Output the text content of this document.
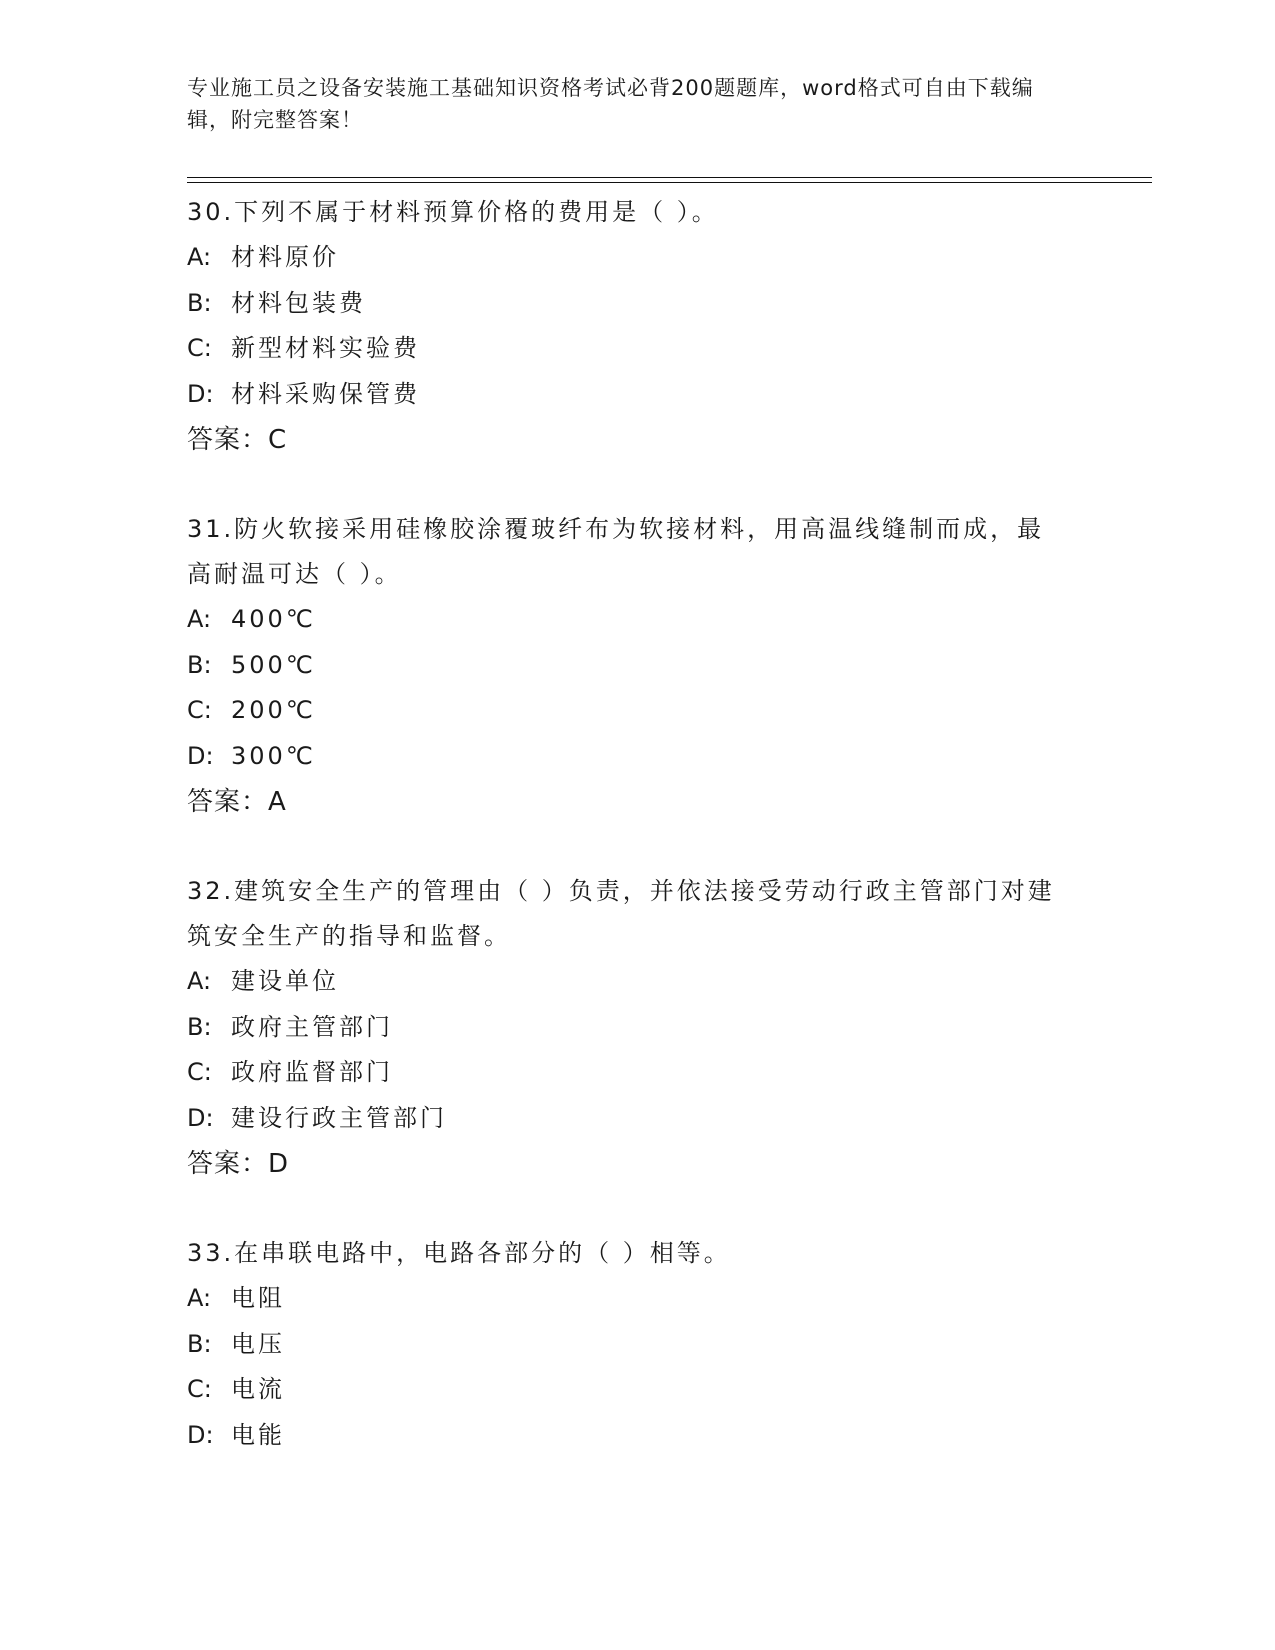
专业施工员之设备安装施工基础知识资格考试必背200题题库，word格式可自由下载编辑，附完整答案！

30.下列不属于材料预算价格的费用是（ ）。

A: 材料原价

B: 材料包装费

C: 新型材料实验费

D: 材料采购保管费

答案：C

31.防火软接采用硅橡胶涂覆玻纤布为软接材料，用高温线缝制而成，最高耐温可达（ ）。

A: 400℃

B: 500℃

C: 200℃

D: 300℃

答案：A

32.建筑安全生产的管理由（ ）负责，并依法接受劳动行政主管部门对建筑安全生产的指导和监督。

A: 建设单位

B: 政府主管部门

C: 政府监督部门

D: 建设行政主管部门

答案：D

33.在串联电路中，电路各部分的（ ）相等。

A: 电阻

B: 电压

C: 电流

D: 电能
